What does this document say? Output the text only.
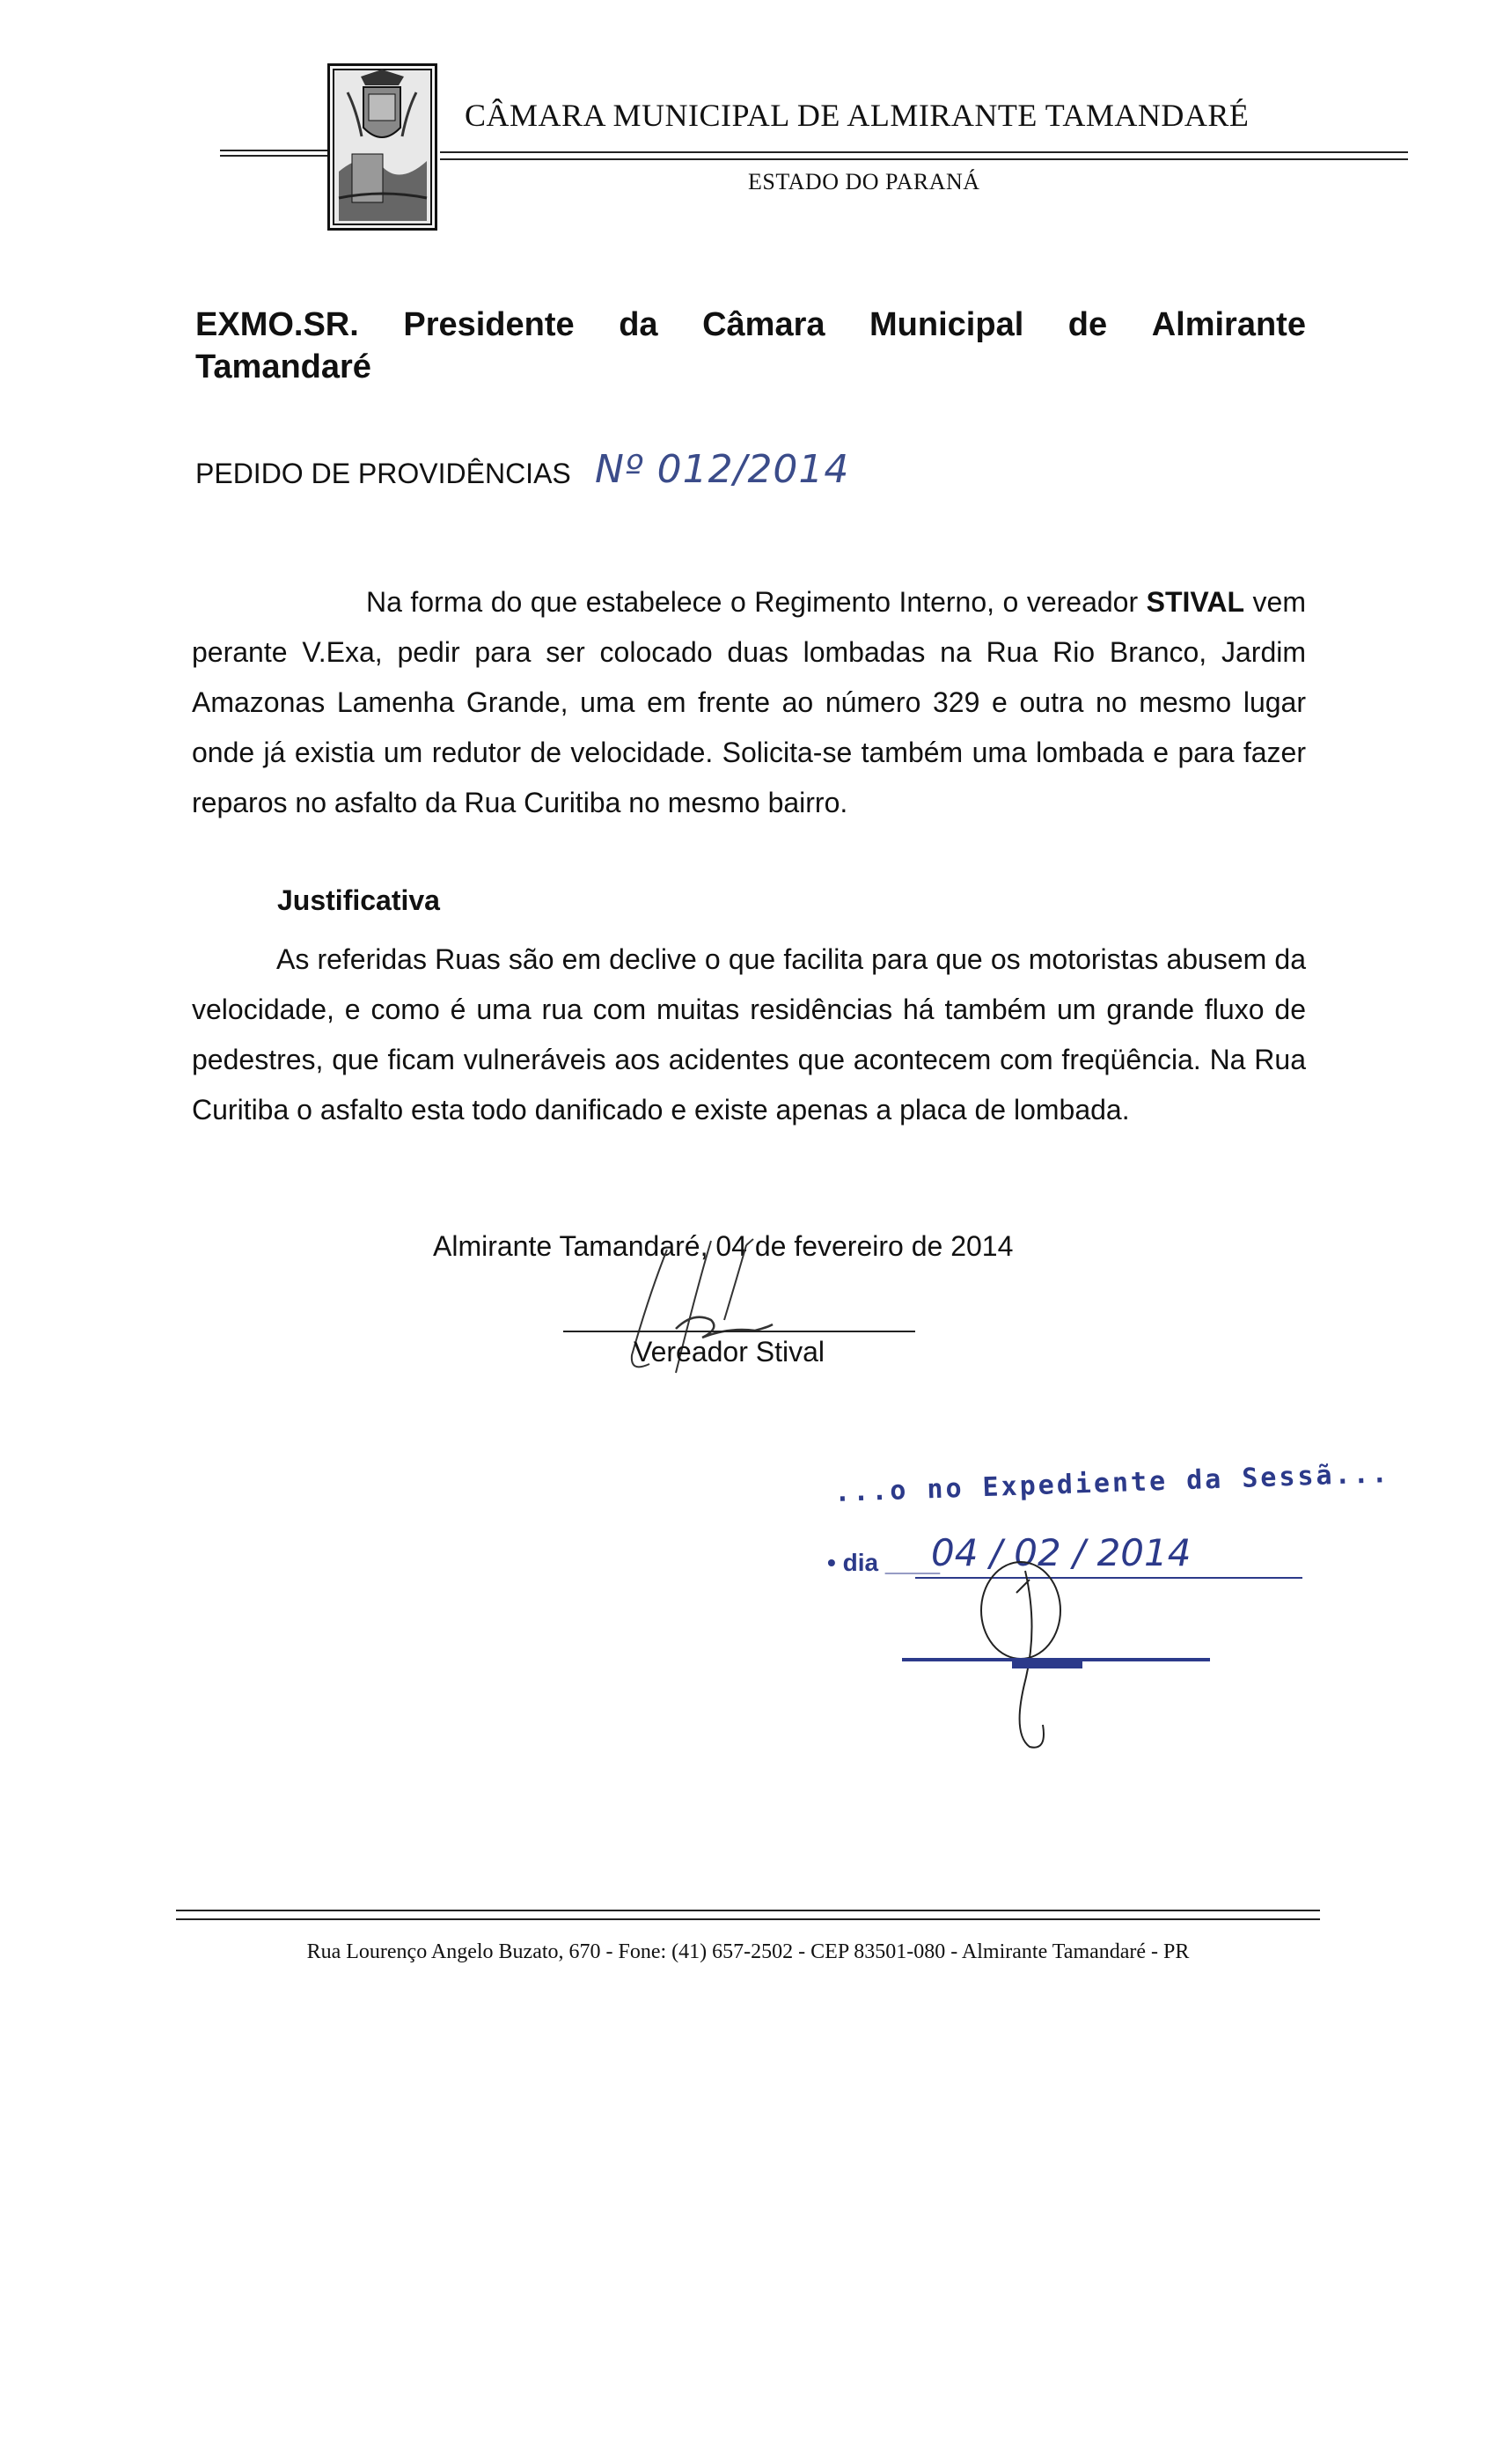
CÂMARA MUNICIPAL DE ALMIRANTE TAMANDARÉ
ESTADO DO PARANÁ
EXMO.SR. Presidente da Câmara Municipal de Almirante
Tamandaré
PEDIDO DE PROVIDÊNCIAS Nº 012/2014
Na forma do que estabelece o Regimento Interno, o vereador STIVAL vem perante V.Exa, pedir para ser colocado duas lombadas na Rua Rio Branco, Jardim Amazonas Lamenha Grande, uma em frente ao número 329 e outra no mesmo lugar onde já existia um redutor de velocidade. Solicita-se também uma lombada e para fazer reparos no asfalto da Rua Curitiba no mesmo bairro.
Justificativa
As referidas Ruas são em declive o que facilita para que os motoristas abusem da velocidade, e como é uma rua com muitas residências há também um grande fluxo de pedestres, que ficam vulneráveis aos acidentes que acontecem com freqüência. Na Rua Curitiba o asfalto esta todo danificado e existe apenas a placa de lombada.
Almirante Tamandaré, 04 de fevereiro de 2014
Vereador Stival
...o no Expediente da Sessã...
• dia ____
04 / 02 / 2014
Rua Lourenço Angelo Buzato, 670 - Fone: (41) 657-2502 - CEP 83501-080 - Almirante Tamandaré - PR
